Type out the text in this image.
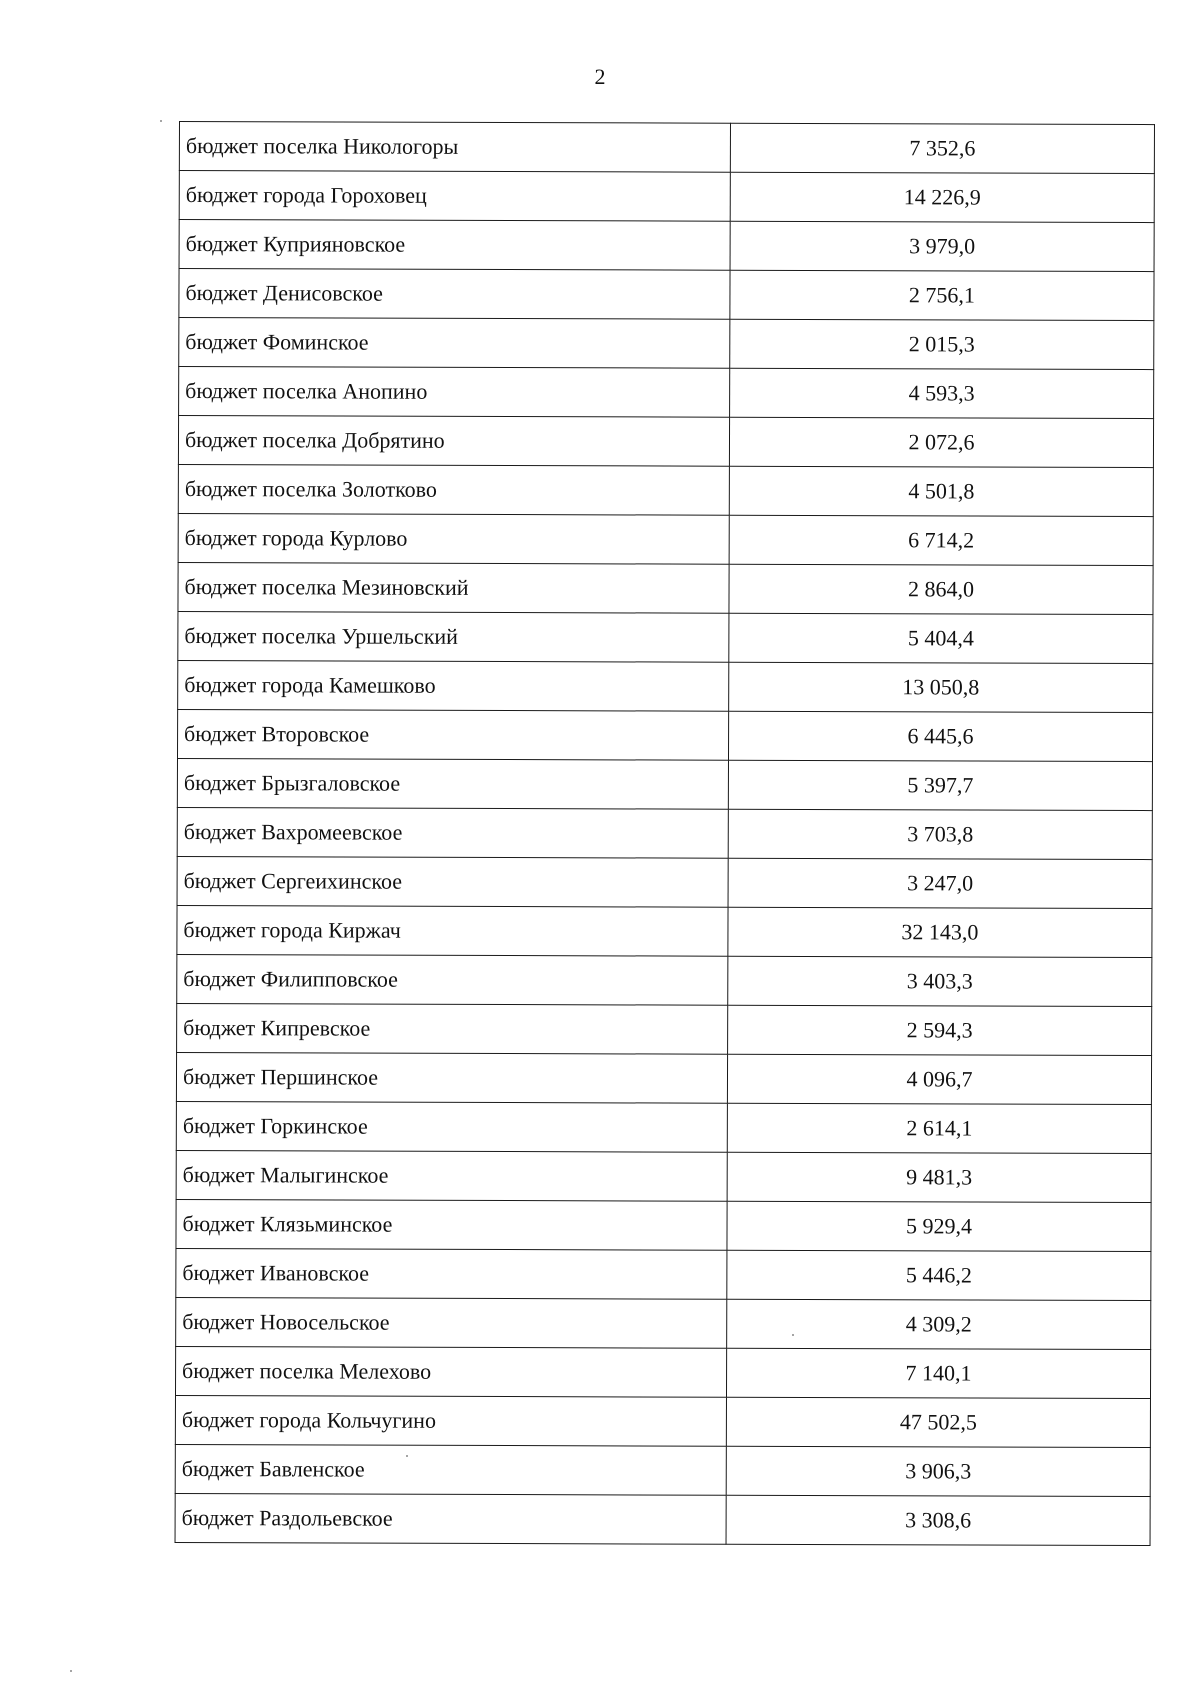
2
бюджет поселка Никологоры	7 352,6
бюджет города Гороховец	14 226,9
бюджет Куприяновское	3 979,0
бюджет Денисовское	2 756,1
бюджет Фоминское	2 015,3
бюджет поселка Анопино	4 593,3
бюджет поселка Добрятино	2 072,6
бюджет поселка Золотково	4 501,8
бюджет города Курлово	6 714,2
бюджет поселка Мезиновский	2 864,0
бюджет поселка Уршельский	5 404,4
бюджет города Камешково	13 050,8
бюджет Второвское	6 445,6
бюджет Брызгаловское	5 397,7
бюджет Вахромеевское	3 703,8
бюджет Сергеихинское	3 247,0
бюджет города Киржач	32 143,0
бюджет Филипповское	3 403,3
бюджет Кипревское	2 594,3
бюджет Першинское	4 096,7
бюджет Горкинское	2 614,1
бюджет Малыгинское	9 481,3
бюджет Клязьминское	5 929,4
бюджет Ивановское	5 446,2
бюджет Новосельское	4 309,2
бюджет поселка Мелехово	7 140,1
бюджет города Кольчугино	47 502,5
бюджет Бавленское	3 906,3
бюджет Раздольевское	3 308,6
